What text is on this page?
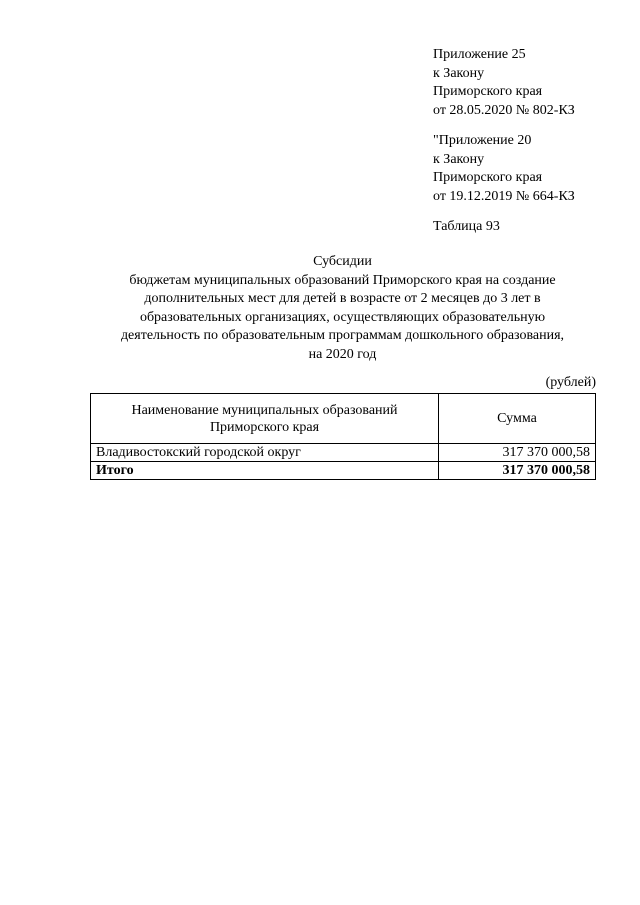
Приложение 25
к Закону
Приморского края
от 28.05.2020 № 802-КЗ
"Приложение 20
к Закону
Приморского края
от 19.12.2019 № 664-КЗ
Таблица 93
Субсидии
бюджетам муниципальных образований Приморского края на создание
дополнительных мест для детей в возрасте от 2 месяцев до 3 лет в
образовательных организациях, осуществляющих образовательную
деятельность по образовательным программам дошкольного образования,
на 2020 год
(рублей)
Наименование муниципальных образований
Приморского края	Сумма
Владивостокский городской округ	317 370 000,58
Итого	317 370 000,58
